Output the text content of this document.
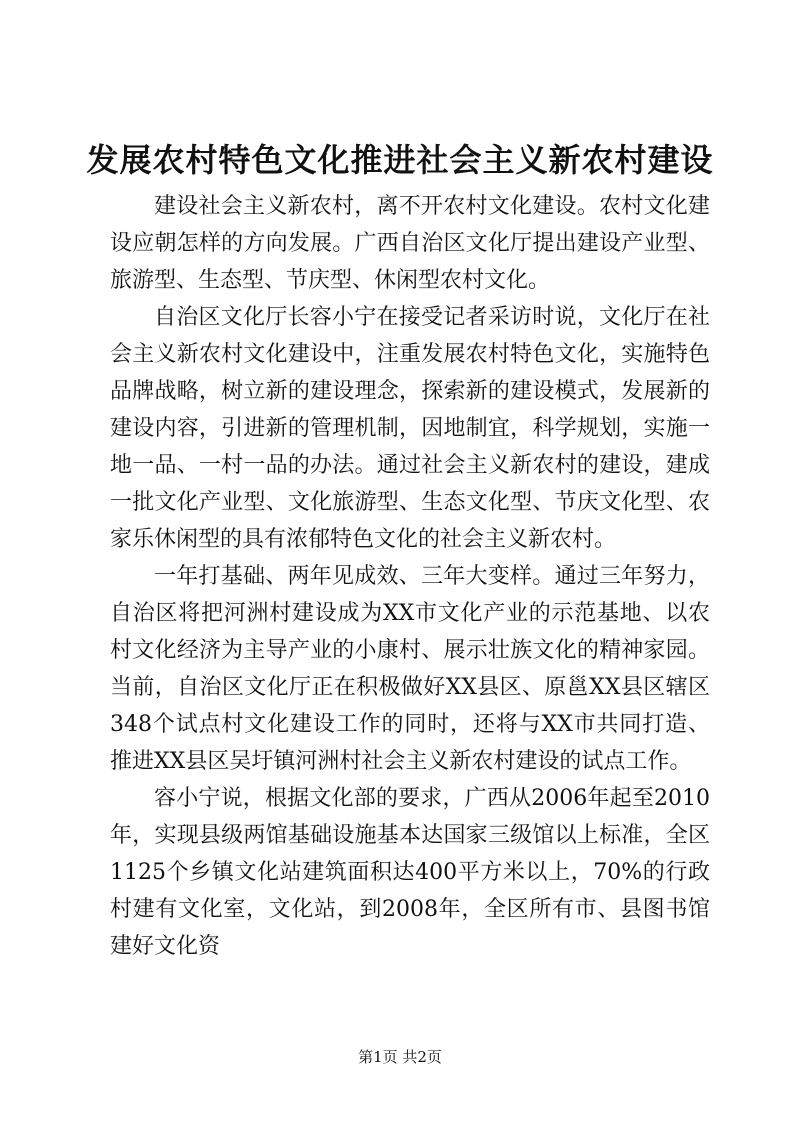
发展农村特色文化推进社会主义新农村建设

建设社会主义新农村，离不开农村文化建设。农村文化建设应朝怎样的方向发展。广西自治区文化厅提出建设产业型、旅游型、生态型、节庆型、休闲型农村文化。

自治区文化厅长容小宁在接受记者采访时说，文化厅在社会主义新农村文化建设中，注重发展农村特色文化，实施特色品牌战略，树立新的建设理念，探索新的建设模式，发展新的建设内容，引进新的管理机制，因地制宜，科学规划，实施一地一品、一村一品的办法。通过社会主义新农村的建设，建成一批文化产业型、文化旅游型、生态文化型、节庆文化型、农家乐休闲型的具有浓郁特色文化的社会主义新农村。

一年打基础、两年见成效、三年大变样。通过三年努力，自治区将把河洲村建设成为XX市文化产业的示范基地、以农村文化经济为主导产业的小康村、展示壮族文化的精神家园。当前，自治区文化厅正在积极做好XX县区、原邕XX县区辖区348个试点村文化建设工作的同时，还将与XX市共同打造、推进XX县区吴圩镇河洲村社会主义新农村建设的试点工作。

容小宁说，根据文化部的要求，广西从2006年起至2010年，实现县级两馆基础设施基本达国家三级馆以上标准，全区1125个乡镇文化站建筑面积达400平方米以上，70%的行政村建有文化室，文化站，到2008年，全区所有市、县图书馆建好文化资

第1页 共2页
